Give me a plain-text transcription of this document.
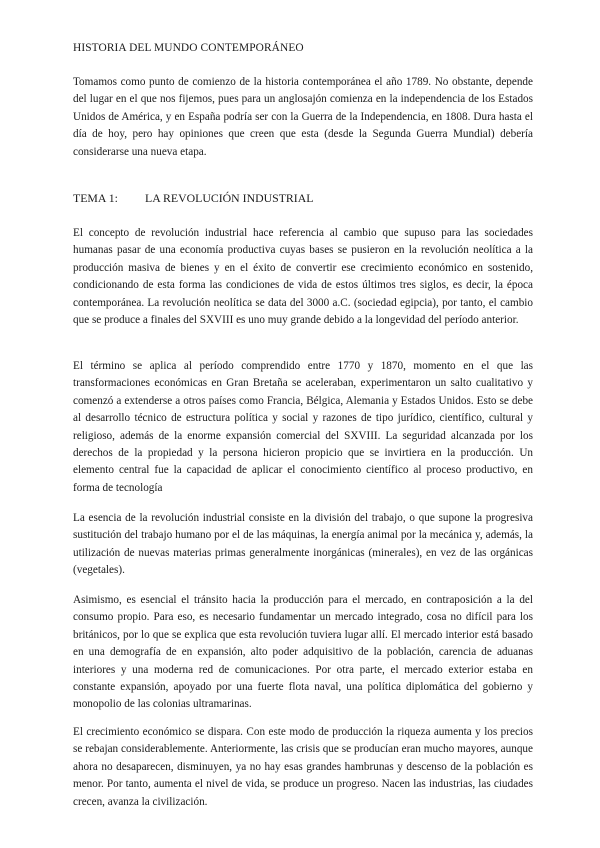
HISTORIA DEL MUNDO CONTEMPORÁNEO

Tomamos como punto de comienzo de la historia contemporánea el año 1789. No obstante, depende del lugar en el que nos fijemos, pues para un anglosajón comienza en la independencia de los Estados Unidos de América, y en España podría ser con la Guerra de la Independencia, en 1808. Dura hasta el día de hoy, pero hay opiniones que creen que esta (desde la Segunda Guerra Mundial) debería considerarse una nueva etapa.

TEMA 1: LA REVOLUCIÓN INDUSTRIAL

El concepto de revolución industrial hace referencia al cambio que supuso para las sociedades humanas pasar de una economía productiva cuyas bases se pusieron en la revolución neolítica a la producción masiva de bienes y en el éxito de convertir ese crecimiento económico en sostenido, condicionando de esta forma las condiciones de vida de estos últimos tres siglos, es decir, la época contemporánea. La revolución neolítica se data del 3000 a.C. (sociedad egipcia), por tanto, el cambio que se produce a finales del SXVIII es uno muy grande debido a la longevidad del período anterior.

El término se aplica al período comprendido entre 1770 y 1870, momento en el que las transformaciones económicas en Gran Bretaña se aceleraban, experimentaron un salto cualitativo y comenzó a extenderse a otros países como Francia, Bélgica, Alemania y Estados Unidos. Esto se debe al desarrollo técnico de estructura política y social y razones de tipo jurídico, científico, cultural y religioso, además de la enorme expansión comercial del SXVIII. La seguridad alcanzada por los derechos de la propiedad y la persona hicieron propicio que se invirtiera en la producción. Un elemento central fue la capacidad de aplicar el conocimiento científico al proceso productivo, en forma de tecnología

La esencia de la revolución industrial consiste en la división del trabajo, o que supone la progresiva sustitución del trabajo humano por el de las máquinas, la energía animal por la mecánica y, además, la utilización de nuevas materias primas generalmente inorgánicas (minerales), en vez de las orgánicas (vegetales).

Asimismo, es esencial el tránsito hacia la producción para el mercado, en contraposición a la del consumo propio. Para eso, es necesario fundamentar un mercado integrado, cosa no difícil para los británicos, por lo que se explica que esta revolución tuviera lugar allí. El mercado interior está basado en una demografía de en expansión, alto poder adquisitivo de la población, carencia de aduanas interiores y una moderna red de comunicaciones. Por otra parte, el mercado exterior estaba en constante expansión, apoyado por una fuerte flota naval, una política diplomática del gobierno y monopolio de las colonias ultramarinas.

El crecimiento económico se dispara. Con este modo de producción la riqueza aumenta y los precios se rebajan considerablemente. Anteriormente, las crisis que se producían eran mucho mayores, aunque ahora no desaparecen, disminuyen, ya no hay esas grandes hambrunas y descenso de la población es menor. Por tanto, aumenta el nivel de vida, se produce un progreso. Nacen las industrias, las ciudades crecen, avanza la civilización.
